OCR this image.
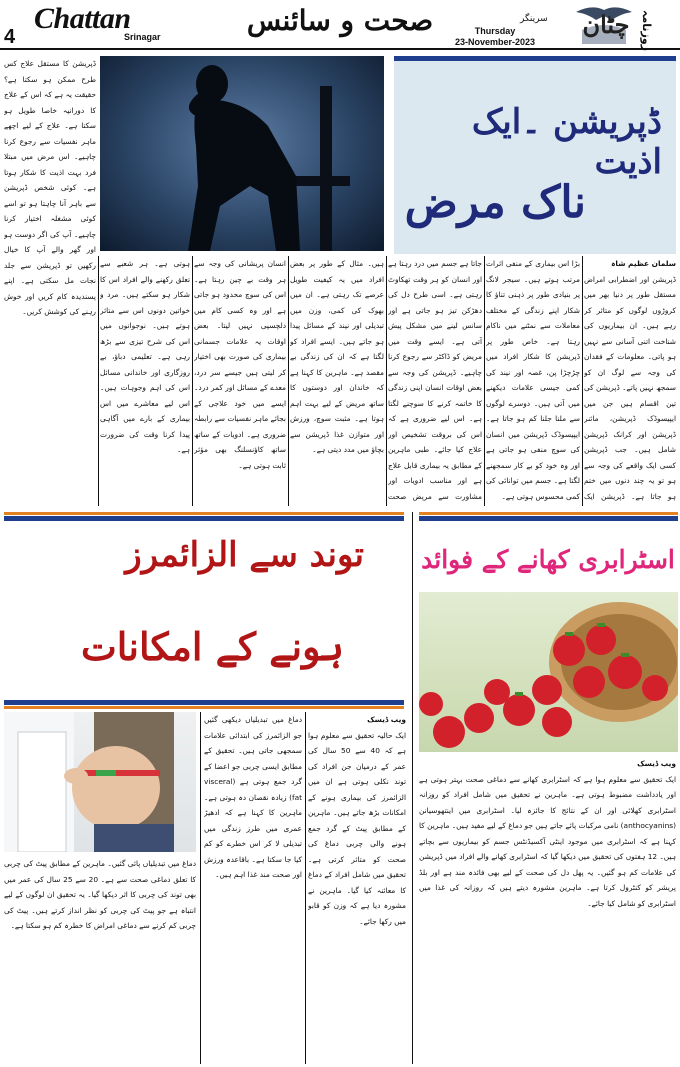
4
Chattan
Srinagar	صحت و سائنس	سرینگر
Thursday
23-November-2023
چٹان روزنامہ
ڈپریشن ۔ایک اذیت
ناک مرض
ڈپریشن کا مستقل علاج کس طرح ممکن ہو سکتا ہے؟ حقیقت یہ ہے کہ اس کے علاج کا دورانیہ خاصا طویل ہو سکتا ہے۔ علاج کے لیے اچھے ماہر نفسیات سے رجوع کرنا چاہیے۔ اس مرض میں مبتلا فرد بہت اذیت کا شکار ہوتا ہے۔ کوئی شخص ڈپریشن سے باہر آنا چاہتا ہو تو اسے کوئی مشغلہ اختیار کرنا چاہیے۔ آپ کی اگر دوست ہو اور گھر والے آپ کا خیال رکھیں تو ڈپریشن سے جلد نجات مل سکتی ہے۔ اپنے پسندیدہ کام کریں اور خوش رہنے کی کوشش کریں۔
ہوتی ہے۔ ہر شعبے سے تعلق رکھنے والے افراد اس کا شکار ہو سکتے ہیں۔ مرد و خواتین دونوں اس سے متاثر ہوتے ہیں۔ نوجوانوں میں اس کی شرح تیزی سے بڑھ رہی ہے۔ تعلیمی دباؤ، بے روزگاری اور خاندانی مسائل اس کی اہم وجوہات ہیں۔ اس لیے معاشرے میں اس بیماری کے بارے میں آگاہی پیدا کرنا وقت کی ضرورت ہے۔
انسان پریشانی کی وجہ سے ہر وقت بے چین رہتا ہے۔ اس کی سوچ محدود ہو جاتی ہے اور وہ کسی کام میں دلچسپی نہیں لیتا۔ بعض اوقات یہ علامات جسمانی بیماری کی صورت بھی اختیار کر لیتی ہیں جیسے سر درد، معدے کے مسائل اور کمر درد۔ ایسے میں خود علاجی کے بجائے ماہر نفسیات سے رابطہ ضروری ہے۔ ادویات کے ساتھ ساتھ کاؤنسلنگ بھی مؤثر ثابت ہوتی ہے۔
ہیں۔ مثال کے طور پر بعض افراد میں یہ کیفیت طویل عرصے تک رہتی ہے۔ ان میں بھوک کی کمی، وزن میں تبدیلی اور نیند کے مسائل پیدا ہو جاتے ہیں۔ ایسے افراد کو لگتا ہے کہ ان کی زندگی بے مقصد ہے۔ ماہرین کا کہنا ہے کہ خاندان اور دوستوں کا ساتھ مریض کے لیے بہت اہم ہوتا ہے۔ مثبت سوچ، ورزش اور متوازن غذا ڈپریشن سے بچاؤ میں مدد دیتی ہے۔
جاتا ہے جسم میں درد رہتا ہے اور انسان کو ہر وقت تھکاوٹ رہتی ہے۔ اسی طرح دل کی دھڑکن تیز ہو جاتی ہے اور سانس لینے میں مشکل پیش آتی ہے۔ ایسے وقت میں مریض کو ڈاکٹر سے رجوع کرنا چاہیے۔ ڈپریشن کی وجہ سے بعض اوقات انسان اپنی زندگی کا خاتمہ کرنے کا سوچنے لگتا ہے۔ اس لیے ضروری ہے کہ اس کی بروقت تشخیص اور علاج کیا جائے۔ طبی ماہرین کے مطابق یہ بیماری قابل علاج ہے اور مناسب ادویات اور مشاورت سے مریض صحت
بڑا اس بیماری کے منفی اثرات مرتب ہوتے ہیں۔ سیجر لانگ پر بنیادی طور پر ذہنی تناؤ کا شکار اپنے زندگی کے مختلف معاملات سے نمٹنے میں ناکام رہتا ہے۔ خاص طور پر ڈپریشن کا شکار افراد میں چڑچڑا پن، غصہ اور نیند کی کمی جیسی علامات دیکھنے میں آتی ہیں۔ دوسرے لوگوں سے ملنا جلنا کم ہو جاتا ہے۔ ایپیسوڈک ڈپریشن میں انسان کی سوچ منفی ہو جاتی ہے اور وہ خود کو بے کار سمجھنے لگتا ہے۔ جسم میں توانائی کی کمی محسوس ہوتی ہے۔
سلمان عظیم شاہ
ڈپریشن اور اضطرابی امراض مستقل طور پر دنیا بھر میں کروڑوں لوگوں کو متاثر کر رہے ہیں۔ ان بیماریوں کی شناخت اتنی آسانی سے نہیں ہو پاتی۔ معلومات کے فقدان کی وجہ سے لوگ ان کو سمجھ نہیں پاتے۔ ڈپریشن کی تین اقسام ہیں جن میں ایپیسوڈک ڈپریشن، مائنر ڈپریشن اور کرانک ڈپریشن شامل ہیں۔ جب ڈپریشن کسی ایک واقعے کی وجہ سے ہو تو یہ چند دنوں میں ختم ہو جاتا ہے۔ ڈپریشن ایک
توند سے الزائمرز
ہونے کے امکانات
دماغ میں تبدیلیاں پائی گئیں۔ ماہرین کے مطابق پیٹ کی چربی کا تعلق دماغی صحت سے ہے۔ 20 سے 25 سال کی عمر میں بھی توند کی چربی کا اثر دیکھا گیا۔ یہ تحقیق ان لوگوں کے لیے انتباہ ہے جو پیٹ کی چربی کو نظر انداز کرتے ہیں۔ پیٹ کی چربی کم کرنے سے دماغی امراض کا خطرہ کم ہو سکتا ہے۔
دماغ میں تبدیلیاں دیکھی گئیں جو الزائمرز کی ابتدائی علامات سمجھی جاتی ہیں۔ تحقیق کے مطابق ایسی چربی جو اعضا کے گرد جمع ہوتی ہے (visceral fat) زیادہ نقصان دہ ہوتی ہے۔ ماہرین کا کہنا ہے کہ ادھیڑ عمری میں طرز زندگی میں تبدیلی لا کر اس خطرے کو کم کیا جا سکتا ہے۔ باقاعدہ ورزش اور صحت مند غذا اہم ہیں۔
ویب ڈیسک
ایک حالیہ تحقیق سے معلوم ہوا ہے کہ 40 سے 50 سال کی عمر کے درمیان جن افراد کی توند نکلی ہوتی ہے ان میں الزائمرز کی بیماری ہونے کے امکانات بڑھ جاتے ہیں۔ ماہرین کے مطابق پیٹ کے گرد جمع ہونے والی چربی دماغ کی صحت کو متاثر کرتی ہے۔ تحقیق میں شامل افراد کے دماغ کا معائنہ کیا گیا۔ ماہرین نے مشورہ دیا ہے کہ وزن کو قابو میں رکھا جائے۔
اسٹرابری کھانے کے فوائد
ویب ڈیسک
ایک تحقیق سے معلوم ہوا ہے کہ اسٹرابری کھانے سے دماغی صحت بہتر ہوتی ہے اور یادداشت مضبوط ہوتی ہے۔ ماہرین نے تحقیق میں شامل افراد کو روزانہ اسٹرابری کھلائی اور ان کے نتائج کا جائزہ لیا۔ اسٹرابری میں اینتھوسیانن (anthocyanins) نامی مرکبات پائے جاتے ہیں جو دماغ کے لیے مفید ہیں۔ ماہرین کا کہنا ہے کہ اسٹرابری میں موجود اینٹی آکسیڈنٹس جسم کو بیماریوں سے بچاتے ہیں۔ 12 ہفتوں کی تحقیق میں دیکھا گیا کہ اسٹرابری کھانے والے افراد میں ڈپریشن کی علامات کم ہو گئیں۔ یہ پھل دل کی صحت کے لیے بھی فائدہ مند ہے اور بلڈ پریشر کو کنٹرول کرتا ہے۔ ماہرین مشورہ دیتے ہیں کہ روزانہ کی غذا میں اسٹرابری کو شامل کیا جائے۔
